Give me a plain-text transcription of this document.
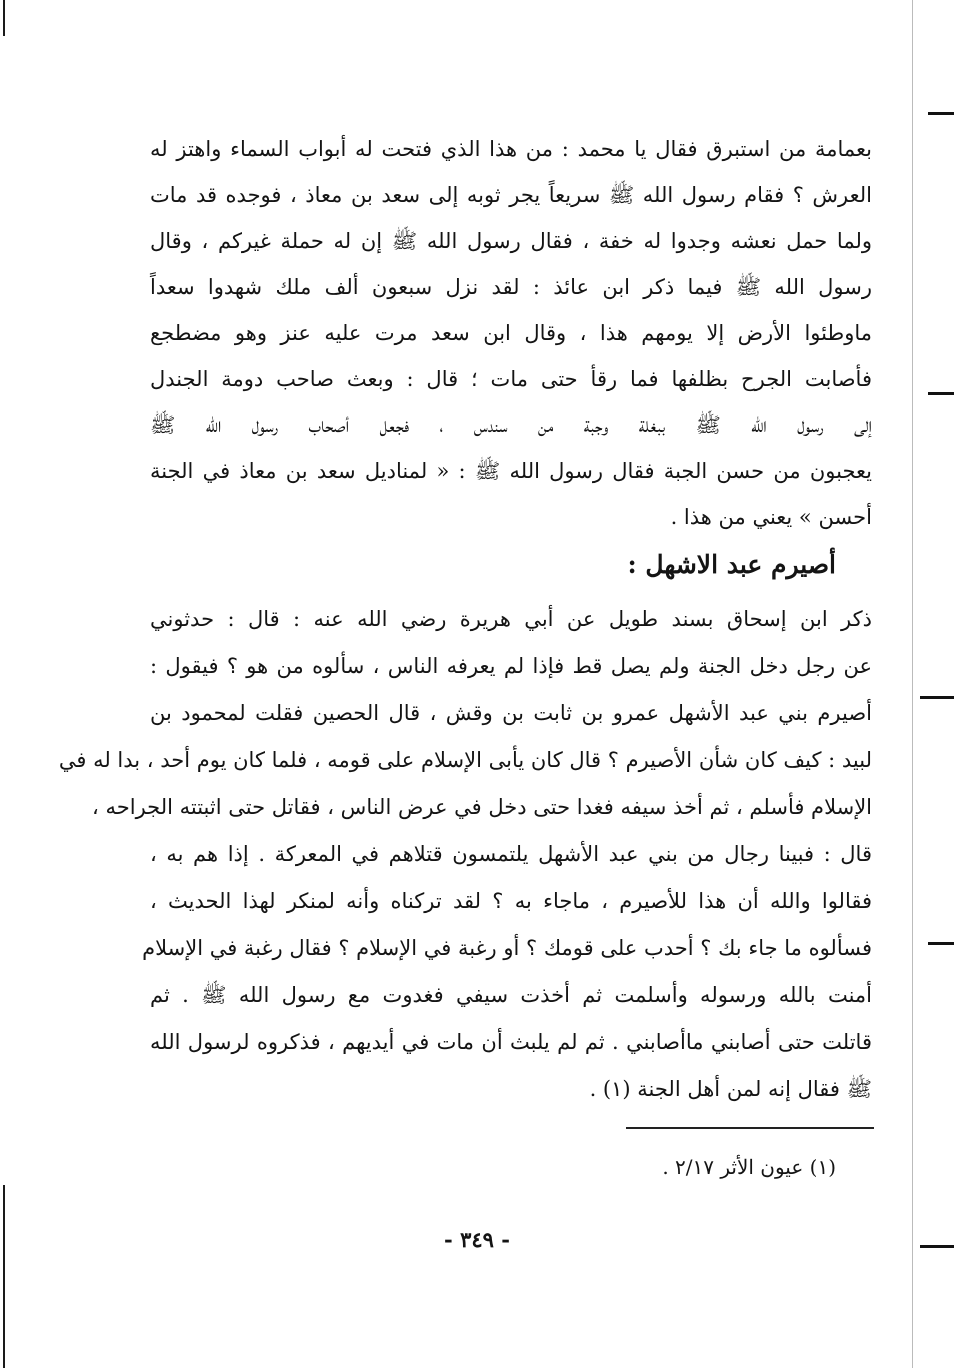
بعمامة من استبرق فقال يا محمد : من هذا الذي فتحت له أبواب السماء واهتز له
العرش ؟ فقام رسول الله ﷺ سريعاً يجر ثوبه إلى سعد بن معاذ ، فوجده قد مات
ولما حمل نعشه وجدوا له خفة ، فقال رسول الله ﷺ إن له حملة غيركم ، وقال
رسول الله ﷺ فيما ذكر ابن عائذ : لقد نزل سبعون ألف ملك شهدوا سعداً
ماوطئوا الأرض إلا يومهم هذا ، وقال ابن سعد مرت عليه عنز وهو مضطجع
فأصابت الجرح بظلفها فما رقأ حتى مات ؛ قال : وبعث صاحب دومة الجندل
إلى رسول الله ﷺ ببغلة وجبة من سندس ، فجعل أصحاب رسول الله ﷺ
يعجبون من حسن الجبة فقال رسول الله ﷺ : « لمناديل سعد بن معاذ في الجنة
أحسن » يعني من هذا .
أصيرم عبد الاشهل :
ذكر ابن إسحاق بسند طويل عن أبي هريرة رضي الله عنه : قال : حدثوني
عن رجل دخل الجنة ولم يصل قط فإذا لم يعرفه الناس ، سألوه من هو ؟ فيقول :
أصيرم بني عبد الأشهل عمرو بن ثابت بن وقش ، قال الحصين فقلت لمحمود بن
لبيد : كيف كان شأن الأصيرم ؟ قال كان يأبى الإسلام على قومه ، فلما كان يوم أحد ، بدا له في
الإسلام فأسلم ، ثم أخذ سيفه فغدا حتى دخل في عرض الناس ، فقاتل حتى اثبتته الجراحه ،
قال : فبينا رجال من بني عبد الأشهل يلتمسون قتلاهم في المعركة . إذا هم به ،
فقالوا والله أن هذا للأصيرم ، ماجاء به ؟ لقد تركناه وأنه لمنكر لهذا الحديث ،
فسألوه ما جاء بك ؟ أحدب على قومك ؟ أو رغبة في الإسلام ؟ فقال رغبة في الإسلام
أمنت بالله ورسوله وأسلمت ثم أخذت سيفي فغدوت مع رسول الله ﷺ . ثم
قاتلت حتى أصابني ماأصابني . ثم لم يلبث أن مات في أيديهم ، فذكروه لرسول الله
ﷺ فقال إنه لمن أهل الجنة (١) .
(١) عيون الأثر ٢/١٧ .
- ٣٤٩ -
